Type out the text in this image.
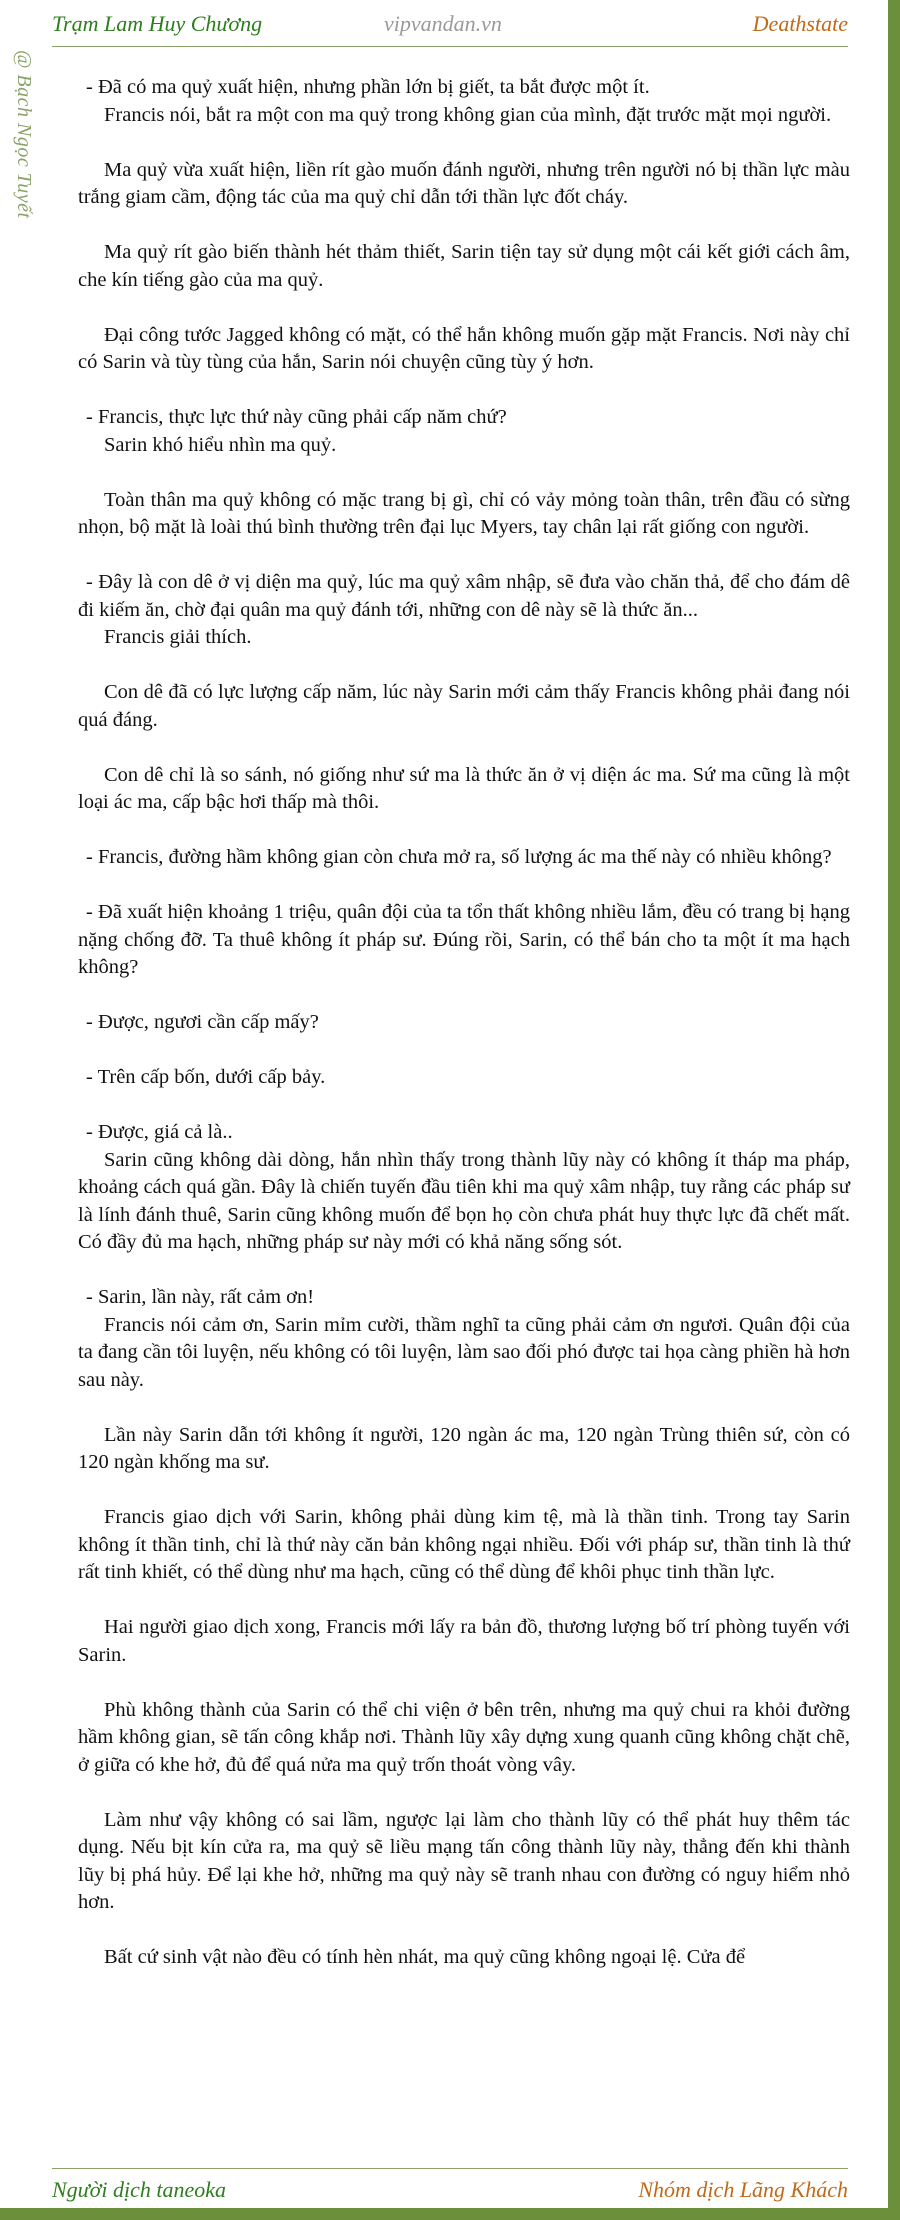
Trạm Lam Huy Chương	vipvandan.vn	Deathstate
@ Bạch Ngọc Tuyết	- Đã có ma quỷ xuất hiện, nhưng phần lớn bị giết, ta bắt được một ít.

Francis nói, bắt ra một con ma quỷ trong không gian của mình, đặt trước mặt mọi người.

Ma quỷ vừa xuất hiện, liền rít gào muốn đánh người, nhưng trên người nó bị thần lực màu trắng giam cầm, động tác của ma quỷ chỉ dẫn tới thần lực đốt cháy.

Ma quỷ rít gào biến thành hét thảm thiết, Sarin tiện tay sử dụng một cái kết giới cách âm, che kín tiếng gào của ma quỷ.

Đại công tước Jagged không có mặt, có thể hắn không muốn gặp mặt Francis. Nơi này chỉ có Sarin và tùy tùng của hắn, Sarin nói chuyện cũng tùy ý hơn.

- Francis, thực lực thứ này cũng phải cấp năm chứ?

Sarin khó hiểu nhìn ma quỷ.

Toàn thân ma quỷ không có mặc trang bị gì, chỉ có vảy mỏng toàn thân, trên đầu có sừng nhọn, bộ mặt là loài thú bình thường trên đại lục Myers, tay chân lại rất giống con người.

- Đây là con dê ở vị diện ma quỷ, lúc ma quỷ xâm nhập, sẽ đưa vào chăn thả, để cho đám dê đi kiếm ăn, chờ đại quân ma quỷ đánh tới, những con dê này sẽ là thức ăn...

Francis giải thích.

Con dê đã có lực lượng cấp năm, lúc này Sarin mới cảm thấy Francis không phải đang nói quá đáng.

Con dê chỉ là so sánh, nó giống như sứ ma là thức ăn ở vị diện ác ma. Sứ ma cũng là một loại ác ma, cấp bậc hơi thấp mà thôi.

- Francis, đường hầm không gian còn chưa mở ra, số lượng ác ma thế này có nhiều không?

- Đã xuất hiện khoảng 1 triệu, quân đội của ta tổn thất không nhiều lắm, đều có trang bị hạng nặng chống đỡ. Ta thuê không ít pháp sư. Đúng rồi, Sarin, có thể bán cho ta một ít ma hạch không?

- Được, ngươi cần cấp mấy?

- Trên cấp bốn, dưới cấp bảy.

- Được, giá cả là..

Sarin cũng không dài dòng, hắn nhìn thấy trong thành lũy này có không ít tháp ma pháp, khoảng cách quá gần. Đây là chiến tuyến đầu tiên khi ma quỷ xâm nhập, tuy rằng các pháp sư là lính đánh thuê, Sarin cũng không muốn để bọn họ còn chưa phát huy thực lực đã chết mất. Có đầy đủ ma hạch, những pháp sư này mới có khả năng sống sót.

- Sarin, lần này, rất cảm ơn!

Francis nói cảm ơn, Sarin mỉm cười, thầm nghĩ ta cũng phải cảm ơn ngươi. Quân đội của ta đang cần tôi luyện, nếu không có tôi luyện, làm sao đối phó được tai họa càng phiền hà hơn sau này.

Lần này Sarin dẫn tới không ít người, 120 ngàn ác ma, 120 ngàn Trùng thiên sứ, còn có 120 ngàn khống ma sư.

Francis giao dịch với Sarin, không phải dùng kim tệ, mà là thần tinh. Trong tay Sarin không ít thần tinh, chỉ là thứ này căn bản không ngại nhiều. Đối với pháp sư, thần tinh là thứ rất tinh khiết, có thể dùng như ma hạch, cũng có thể dùng để khôi phục tinh thần lực.

Hai người giao dịch xong, Francis mới lấy ra bản đồ, thương lượng bố trí phòng tuyến với Sarin.

Phù không thành của Sarin có thể chi viện ở bên trên, nhưng ma quỷ chui ra khỏi đường hầm không gian, sẽ tấn công khắp nơi. Thành lũy xây dựng xung quanh cũng không chặt chẽ, ở giữa có khe hở, đủ để quá nửa ma quỷ trốn thoát vòng vây.

Làm như vậy không có sai lầm, ngược lại làm cho thành lũy có thể phát huy thêm tác dụng. Nếu bịt kín cửa ra, ma quỷ sẽ liều mạng tấn công thành lũy này, thẳng đến khi thành lũy bị phá hủy. Để lại khe hở, những ma quỷ này sẽ tranh nhau con đường có nguy hiểm nhỏ hơn.

Bất cứ sinh vật nào đều có tính hèn nhát, ma quỷ cũng không ngoại lệ. Cửa để

Người dịch taneoka	Nhóm dịch Lãng Khách
